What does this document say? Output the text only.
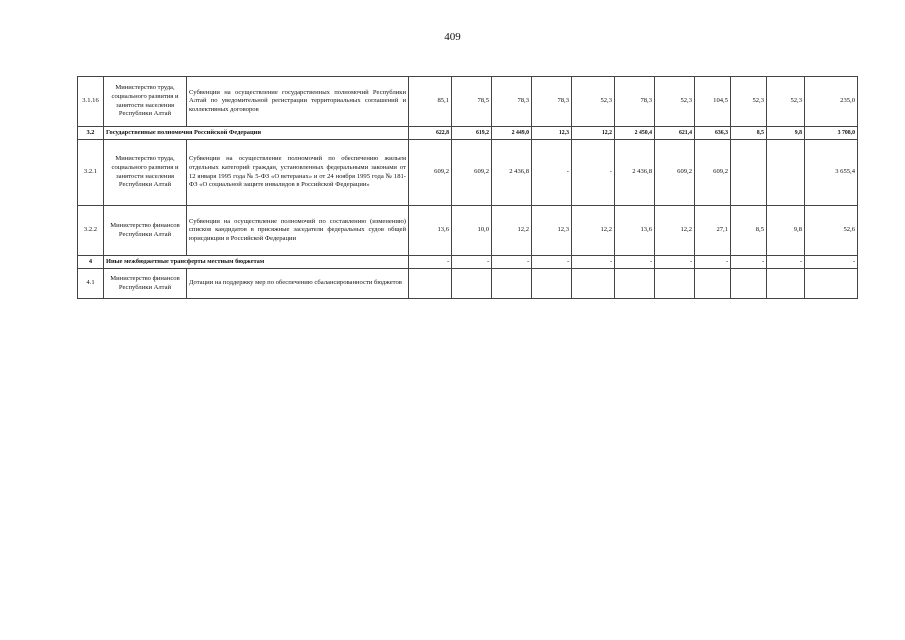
409
3.1.16	Министерство труда, социального развития и занятости населения Республики Алтай	Субвенции на осуществление государственных полномочий Республики Алтай по уведомительной регистрации территориальных соглашений и коллективных договоров	85,1	78,5	78,3	78,3	52,3	78,3	52,3	104,5	52,3	52,3	235,0
3.2	Государственные полномочия Российской Федерации		622,8	619,2	2 449,0	12,3	12,2	2 450,4	621,4	636,3	8,5	9,8	3 708,0
3.2.1	Министерство труда, социального развития и занятости населения Республики Алтай	Субвенции на осуществление полномочий по обеспечению жильем отдельных категорий граждан, установленных федеральными законами от 12 января 1995 года № 5-ФЗ «О ветеранах» и от 24 ноября 1995 года № 181-ФЗ «О социальной защите инвалидов в Российской Федерации»	609,2	609,2	2 436,8	-	-	2 436,8	609,2	609,2			3 655,4
3.2.2	Министерство финансов Республики Алтай	Субвенции на осуществление полномочий по составлению (изменению) списков кандидатов в присяжные заседатели федеральных судов общей юрисдикции в Российской Федерации	13,6	10,0	12,2	12,3	12,2	13,6	12,2	27,1	8,5	9,8	52,6
4	Иные межбюджетные трансферты местным бюджетам		-	-	-	-	-	-	-	-	-	-	-
4.1	Министерство финансов Республики Алтай	Дотации на поддержку мер по обеспечению сбалансированности бюджетов											
